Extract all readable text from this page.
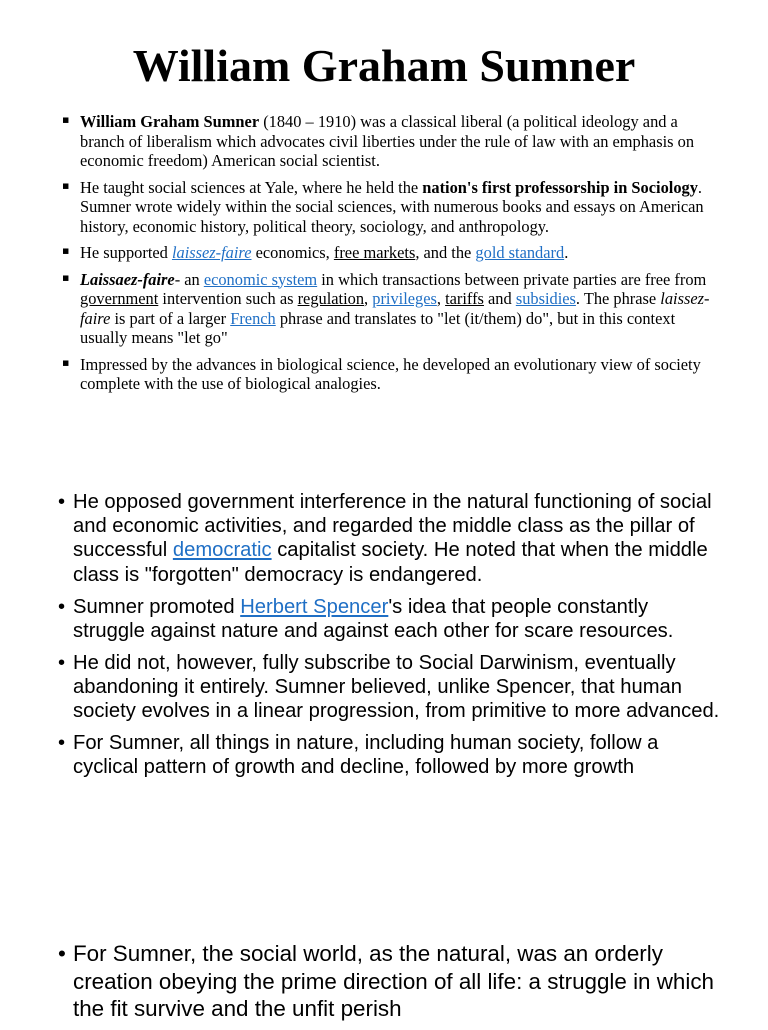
William Graham Sumner
▪ William Graham Sumner (1840 – 1910) was a classical liberal (a political ideology and a branch of liberalism which advocates civil liberties under the rule of law with an emphasis on economic freedom) American social scientist.
▪ He taught social sciences at Yale, where he held the nation's first professorship in Sociology. Sumner wrote widely within the social sciences, with numerous books and essays on American history, economic history, political theory, sociology, and anthropology.
▪ He supported laissez-faire economics, free markets, and the gold standard.
▪ Laissaez-faire- an economic system in which transactions between private parties are free from government intervention such as regulation, privileges, tariffs and subsidies. The phrase laissez-faire is part of a larger French phrase and translates to "let (it/them) do", but in this context usually means "let go"
▪ Impressed by the advances in biological science, he developed an evolutionary view of society complete with the use of biological analogies.
• He opposed government interference in the natural functioning of social and economic activities, and regarded the middle class as the pillar of successful democratic capitalist society. He noted that when the middle class is "forgotten" democracy is endangered.
• Sumner promoted Herbert Spencer's idea that people constantly struggle against nature and against each other for scare resources.
• He did not, however, fully subscribe to Social Darwinism, eventually abandoning it entirely. Sumner believed, unlike Spencer, that human society evolves in a linear progression, from primitive to more advanced.
• For Sumner, all things in nature, including human society, follow a cyclical pattern of growth and decline, followed by more growth
• For Sumner, the social world, as the natural, was an orderly creation obeying the prime direction of all life: a struggle in which the fit survive and the unfit perish
